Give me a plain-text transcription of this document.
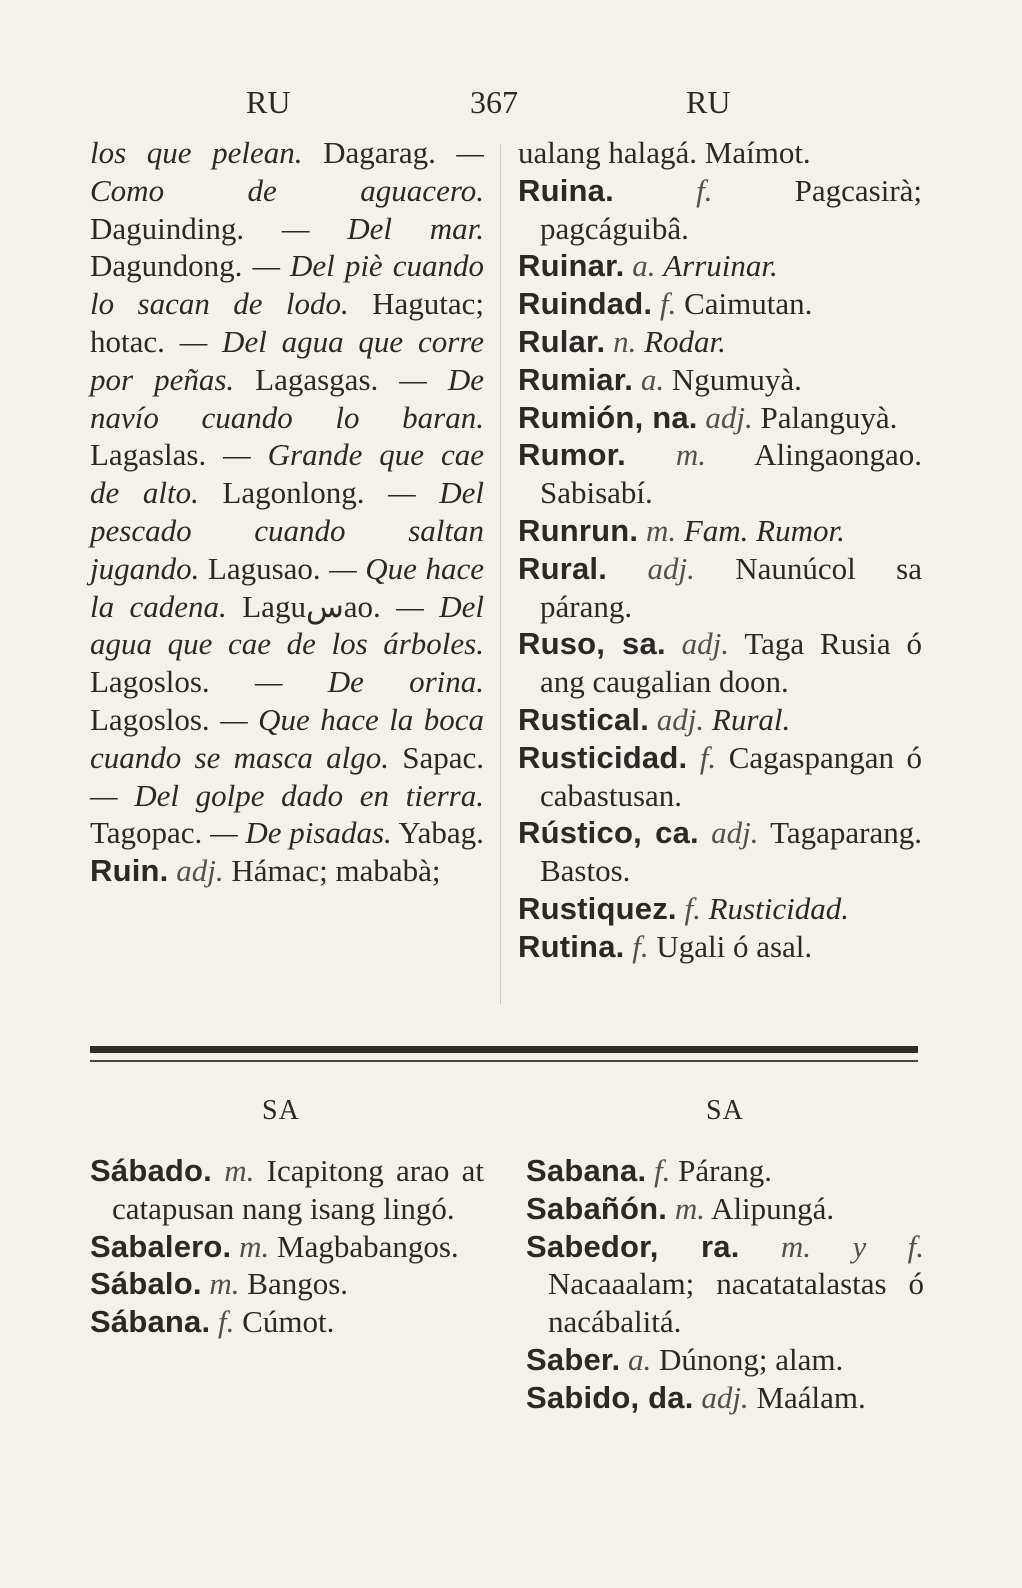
RU	367	RU

los que pelean. Dagarag. — Como de aguacero. Daguinding. — Del mar. Dagundong. — Del piè cuando lo sacan de lodo. Hagutac; hotac. — Del agua que corre por peñas. Lagasgas. — De navío cuando lo baran. Lagaslas. — Grande que cae de alto. Lagonlong. — Del pescado cuando saltan jugando. Lagusao. — Que hace la cadena. Laguسao. — Del agua que cae de los árboles. Lagoslos. — De orina. Lagoslos. — Que hace la boca cuando se masca algo. Sapac. — Del golpe dado en tierra. Tagopac. — De pisadas. Yabag.

Ruin. adj. Hámac; mababà;

ualang halagá. Maímot.

Ruina.	f. Pagcasirà; pagcáguibâ.

Ruinar. a. Arruinar.

Ruindad. f. Caimutan.

Rular. n. Rodar.

Rumiar. a. Ngumuyà.

Rumión, na. adj. Palanguyà.

Rumor. m. Alingaongao. Sabisabí.

Runrun. m. Fam. Rumor.

Rural. adj. Naunúcol sa párang.

Ruso, sa. adj. Taga Rusia ó ang caugalian doon.

Rustical. adj. Rural.

Rusticidad. f. Cagaspangan ó cabastusan.

Rústico, ca. adj. Tagaparang. Bastos.

Rustiquez. f. Rusticidad.

Rutina. f. Ugali ó asal.

SA	SA

Sábado. m. Icapitong arao at catapusan nang isang lingó.

Sabalero. m. Magbabangos.

Sábalo. m. Bangos.

Sábana. f. Cúmot.

Sabana. f. Párang.

Sabañón. m. Alipungá.

Sabedor, ra. m. y f. Nacaaalam; nacatatalastas ó nacábalitá.

Saber. a. Dúnong; alam.

Sabido, da. adj. Maálam.
